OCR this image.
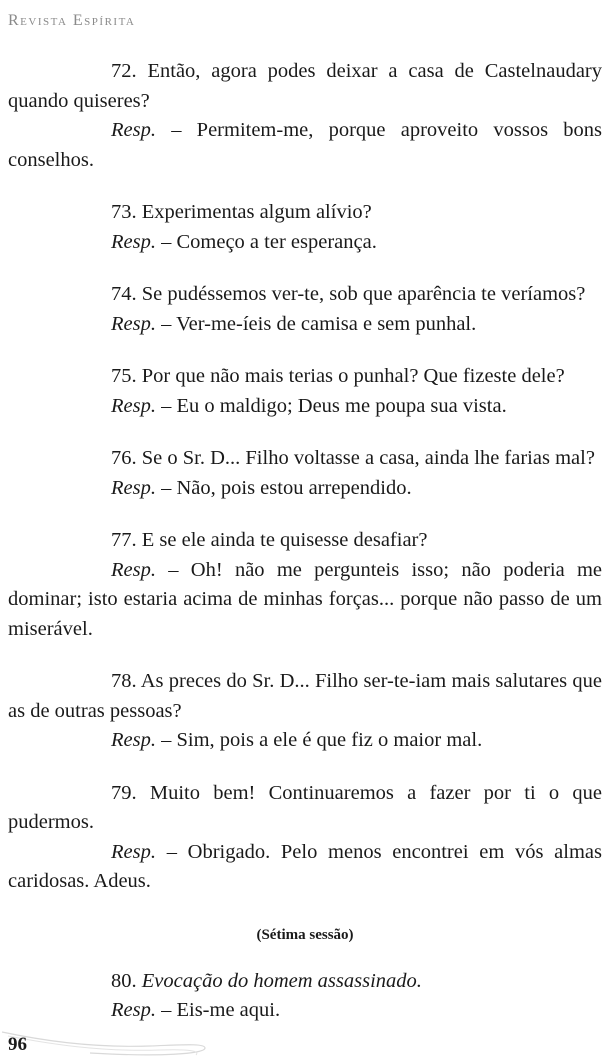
Revista Espírita

72. Então, agora podes deixar a casa de Castelnaudary quando quiseres?

Resp. – Permitem-me, porque aproveito vossos bons conselhos.

73. Experimentas algum alívio?

Resp. – Começo a ter esperança.

74. Se pudéssemos ver-te, sob que aparência te veríamos?

Resp. – Ver-me-íeis de camisa e sem punhal.

75. Por que não mais terias o punhal? Que fizeste dele?

Resp. – Eu o maldigo; Deus me poupa sua vista.

76. Se o Sr. D... Filho voltasse a casa, ainda lhe farias mal?

Resp. – Não, pois estou arrependido.

77. E se ele ainda te quisesse desafiar?

Resp. – Oh! não me pergunteis isso; não poderia me dominar; isto estaria acima de minhas forças... porque não passo de um miserável.

78. As preces do Sr. D... Filho ser-te-iam mais salutares que as de outras pessoas?

Resp. – Sim, pois a ele é que fiz o maior mal.

79. Muito bem! Continuaremos a fazer por ti o que pudermos.

Resp. – Obrigado. Pelo menos encontrei em vós almas caridosas. Adeus.

(Sétima sessão)

80. Evocação do homem assassinado.

Resp. – Eis-me aqui.

96
